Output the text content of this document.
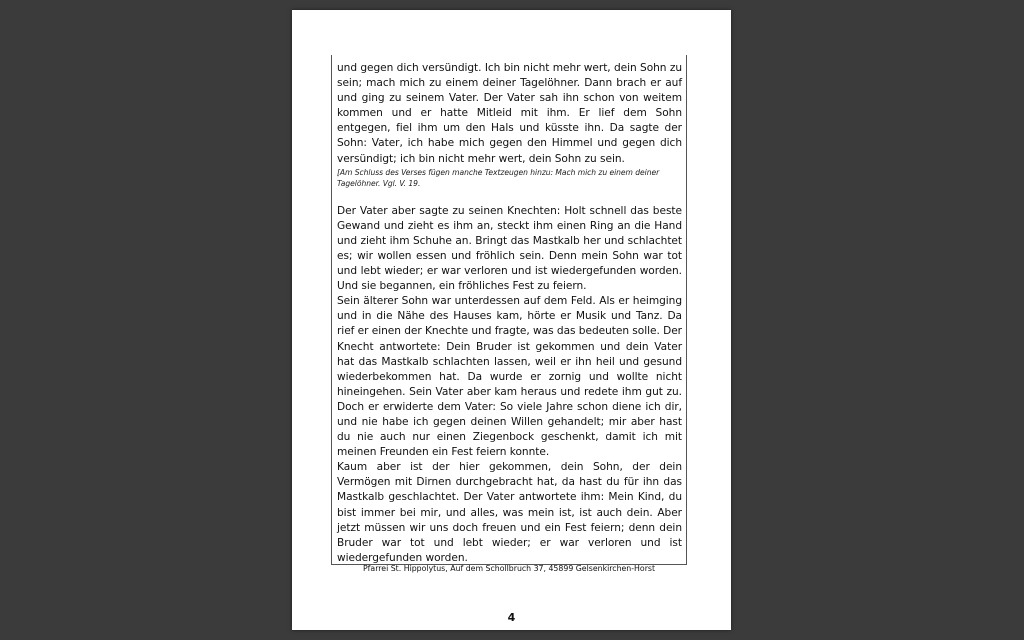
und gegen dich versündigt. Ich bin nicht mehr wert, dein Sohn zu sein; mach mich zu einem deiner Tagelöhner. Dann brach er auf und ging zu seinem Vater. Der Vater sah ihn schon von weitem kommen und er hatte Mitleid mit ihm. Er lief dem Sohn entgegen, fiel ihm um den Hals und küsste ihn. Da sagte der Sohn: Vater, ich habe mich gegen den Himmel und gegen dich versündigt; ich bin nicht mehr wert, dein Sohn zu sein.

[Am Schluss des Verses fügen manche Textzeugen hinzu: Mach mich zu einem deiner Tagelöhner. Vgl. V. 19.

Der Vater aber sagte zu seinen Knechten: Holt schnell das beste Gewand und zieht es ihm an, steckt ihm einen Ring an die Hand und zieht ihm Schuhe an. Bringt das Mastkalb her und schlachtet es; wir wollen essen und fröhlich sein. Denn mein Sohn war tot und lebt wieder; er war verloren und ist wiedergefunden worden. Und sie begannen, ein fröhliches Fest zu feiern.

Sein älterer Sohn war unterdessen auf dem Feld. Als er heimging und in die Nähe des Hauses kam, hörte er Musik und Tanz. Da rief er einen der Knechte und fragte, was das bedeuten solle. Der Knecht antwortete: Dein Bruder ist gekommen und dein Vater hat das Mastkalb schlachten lassen, weil er ihn heil und gesund wiederbekommen hat. Da wurde er zornig und wollte nicht hineingehen. Sein Vater aber kam heraus und redete ihm gut zu. Doch er erwiderte dem Vater: So viele Jahre schon diene ich dir, und nie habe ich gegen deinen Willen gehandelt; mir aber hast du nie auch nur einen Ziegenbock geschenkt, damit ich mit meinen Freunden ein Fest feiern konnte.

Kaum aber ist der hier gekommen, dein Sohn, der dein Vermögen mit Dirnen durchgebracht hat, da hast du für ihn das Mastkalb geschlachtet. Der Vater antwortete ihm: Mein Kind, du bist immer bei mir, und alles, was mein ist, ist auch dein. Aber jetzt müssen wir uns doch freuen und ein Fest feiern; denn dein Bruder war tot und lebt wieder; er war verloren und ist wiedergefunden worden.

Pfarrei St. Hippolytus, Auf dem Schollbruch 37, 45899 Gelsenkirchen-Horst
4
